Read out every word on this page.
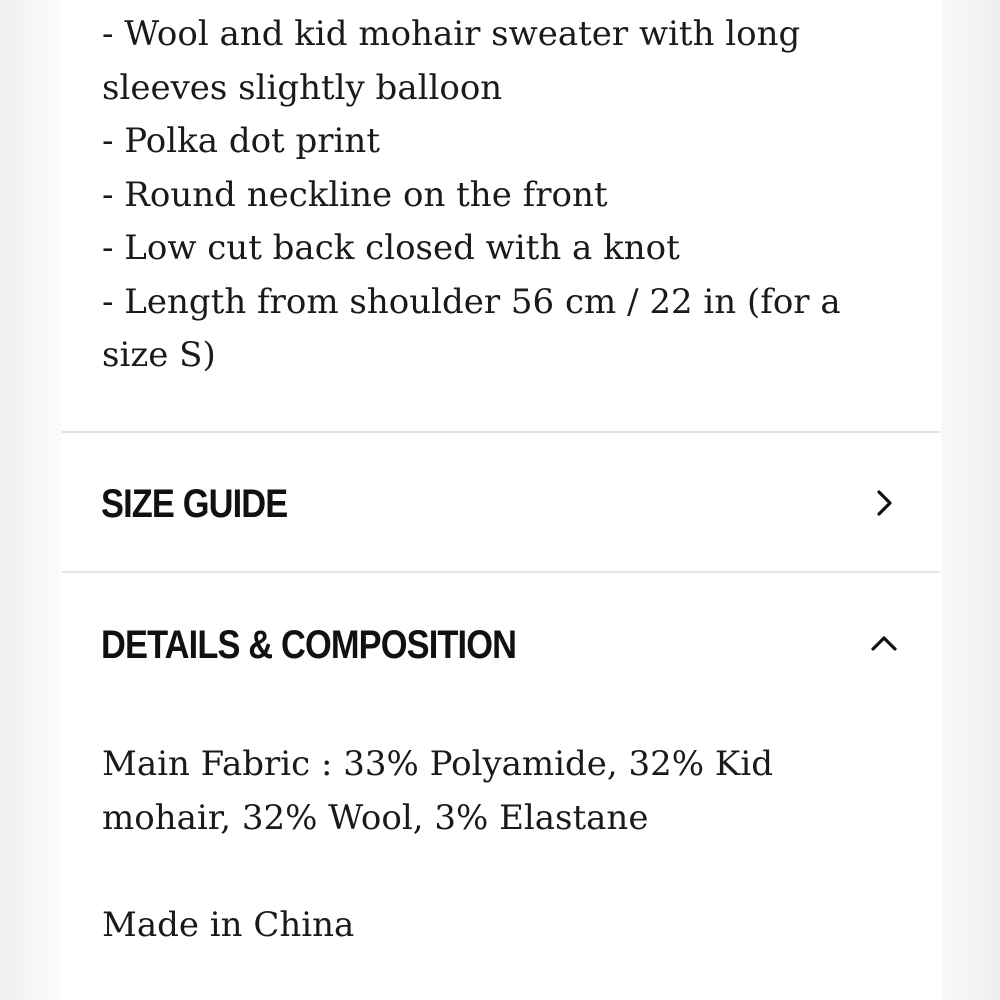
- Wool and kid mohair sweater with long
sleeves slightly balloon
- Polka dot print
- Round neckline on the front
- Low cut back closed with a knot
- Length from shoulder 56 cm / 22 in (for a
size S)
SIZE GUIDE
DETAILS & COMPOSITION
Main Fabric : 33% Polyamide, 32% Kid
mohair, 32% Wool, 3% Elastane
Made in China
